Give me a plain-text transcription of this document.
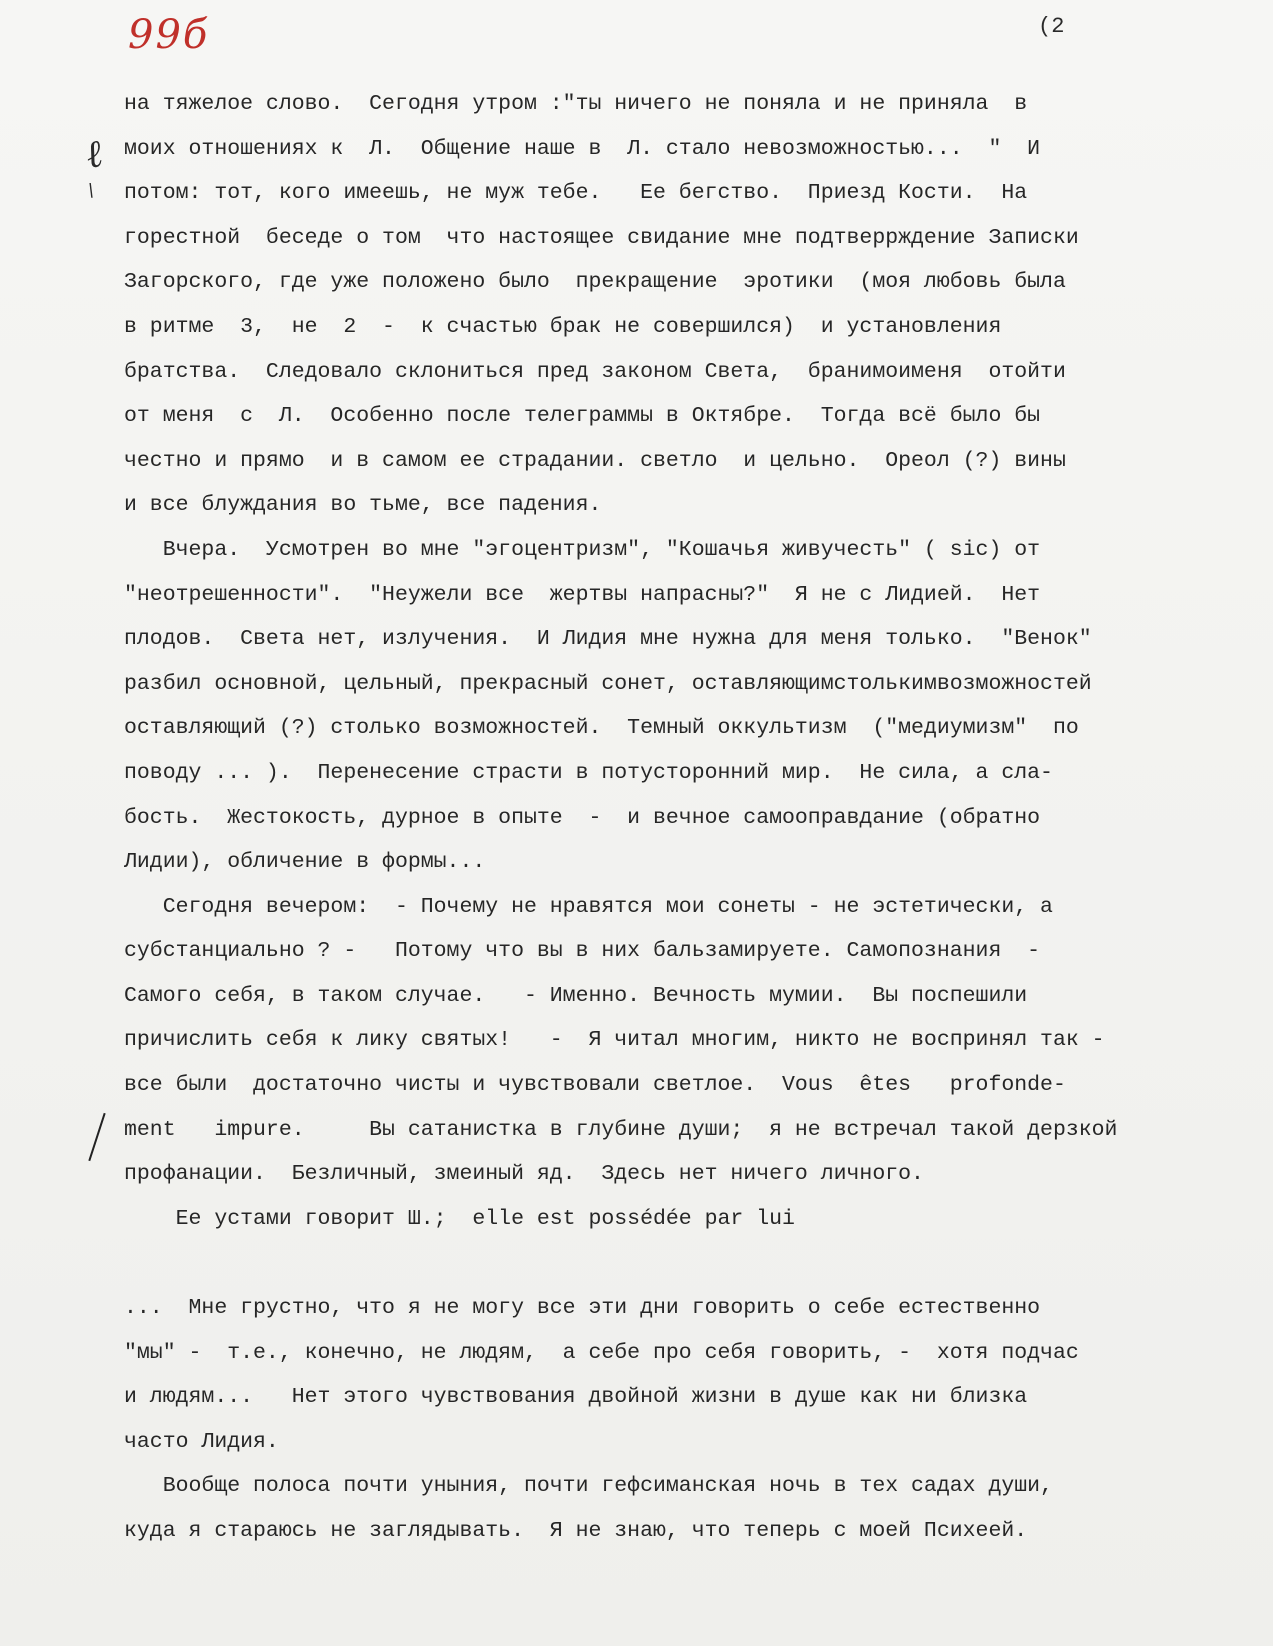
99б	(2
ℓ
\
на тяжелое слово.  Сегодня утром :"ты ничего не поняла и не приняла  в
моих отношениях к  Л.  Общение наше в  Л. стало невозможностью...  "  И
потом: тот, кого имеешь, не муж тебе.   Ее бегство.  Приезд Кости.  На
горестной  беседе о том  что настоящее свидание мне подтверрждение Записки
Загорского, где уже положено было  прекращение  эротики  (моя любовь была
в ритме  3,  не  2  -  к счастью брак не совершился)  и установления
братства.  Следовало склониться пред законом Света,  бранимоименя  отойти
от меня  с  Л.  Особенно после телеграммы в Октябре.  Тогда всё было бы
честно и прямо  и в самом ее страдании. светло  и цельно.  Ореол (?) вины
и все блуждания во тьме, все падения.
Вчера.  Усмотрен во мне "эгоцентризм", "Кошачья живучесть" ( sic) от
"неотрешенности".  "Неужели все  жертвы напрасны?"  Я не с Лидией.  Нет
плодов.  Света нет, излучения.  И Лидия мне нужна для меня только.  "Венок"
разбил основной, цельный, прекрасный сонет, оставляющимстолькимвозможностей
оставляющий (?) столько возможностей.  Темный оккультизм  ("медиумизм"  по
поводу ... ).  Перенесение страсти в потусторонний мир.  Не сила, а сла-
бость.  Жестокость, дурное в опыте  -  и вечное самооправдание (обратно
Лидии), обличение в формы...
Сегодня вечером:  - Почему не нравятся мои сонеты - не эстетически, а
субстанциально ? -   Потому что вы в них бальзамируете. Самопознания  -
Самого себя, в таком случае.   - Именно. Вечность мумии.  Вы поспешили
причислить себя к лику святых!   -  Я читал многим, никто не воспринял так -
все были  достаточно чисты и чувствовали светлое.  Vous  êtes   profonde-
ment   impure.     Вы сатанистка в глубине души;  я не встречал такой дерзкой
профанации.  Безличный, змеиный яд.  Здесь нет ничего личного.
Ее устами говорит Ш.;  elle est possédée par lui
...  Мне грустно, что я не могу все эти дни говорить о себе естественно
"мы" -  т.е., конечно, не людям,  а себе про себя говорить, -  хотя подчас
и людям...   Нет этого чувствования двойной жизни в душе как ни близка
часто Лидия.
Вообще полоса почти уныния, почти гефсиманская ночь в тех садах души,
куда я стараюсь не заглядывать.  Я не знаю, что теперь с моей Психеей.
